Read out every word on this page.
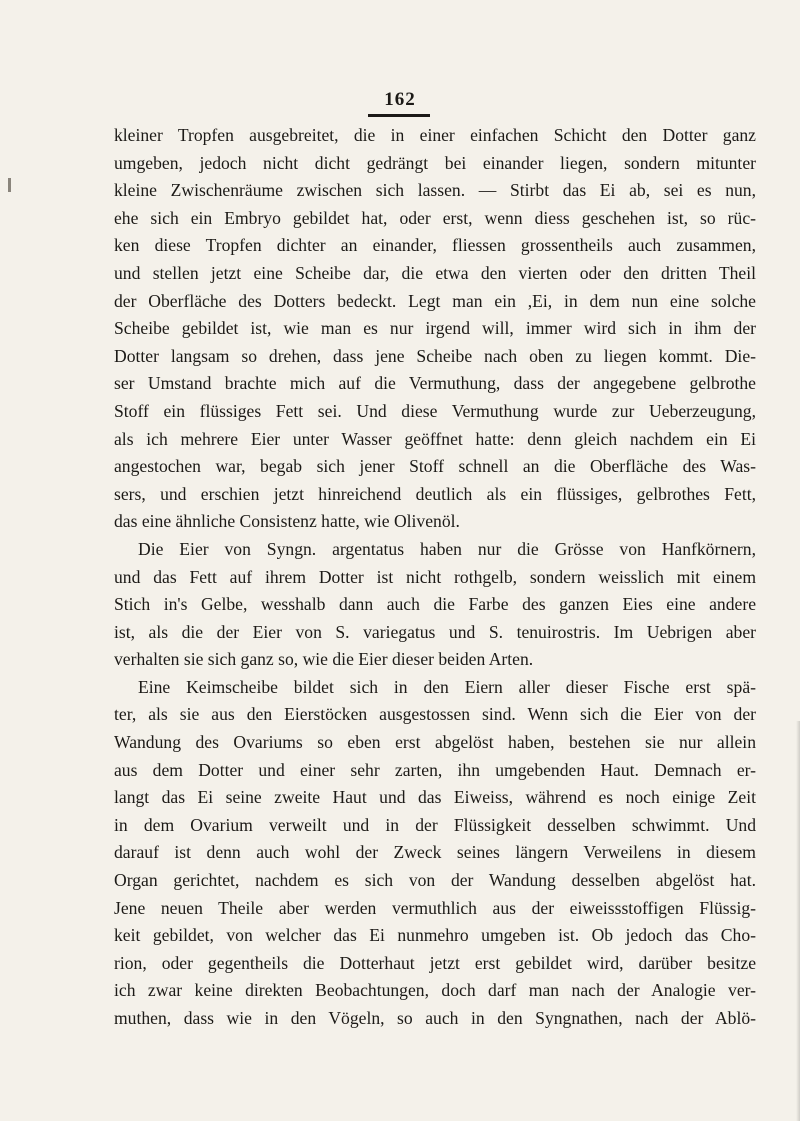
162
kleiner Tropfen ausgebreitet, die in einer einfachen Schicht den Dotter ganz
umgeben, jedoch nicht dicht gedrängt bei einander liegen, sondern mitunter
kleine Zwischenräume zwischen sich lassen. — Stirbt das Ei ab, sei es nun,
ehe sich ein Embryo gebildet hat, oder erst, wenn diess geschehen ist, so rüc-
ken diese Tropfen dichter an einander, fliessen grossentheils auch zusammen,
und stellen jetzt eine Scheibe dar, die etwa den vierten oder den dritten Theil
der Oberfläche des Dotters bedeckt. Legt man ein ,Ei, in dem nun eine solche
Scheibe gebildet ist, wie man es nur irgend will, immer wird sich in ihm der
Dotter langsam so drehen, dass jene Scheibe nach oben zu liegen kommt. Die-
ser Umstand brachte mich auf die Vermuthung, dass der angegebene gelbrothe
Stoff ein flüssiges Fett sei. Und diese Vermuthung wurde zur Ueberzeugung,
als ich mehrere Eier unter Wasser geöffnet hatte: denn gleich nachdem ein Ei
angestochen war, begab sich jener Stoff schnell an die Oberfläche des Was-
sers, und erschien jetzt hinreichend deutlich als ein flüssiges, gelbrothes Fett,
das eine ähnliche Consistenz hatte, wie Olivenöl.
Die Eier von Syngn. argentatus haben nur die Grösse von Hanfkörnern,
und das Fett auf ihrem Dotter ist nicht rothgelb, sondern weisslich mit einem
Stich in's Gelbe, wesshalb dann auch die Farbe des ganzen Eies eine andere
ist, als die der Eier von S. variegatus und S. tenuirostris. Im Uebrigen aber
verhalten sie sich ganz so, wie die Eier dieser beiden Arten.
Eine Keimscheibe bildet sich in den Eiern aller dieser Fische erst spä-
ter, als sie aus den Eierstöcken ausgestossen sind. Wenn sich die Eier von der
Wandung des Ovariums so eben erst abgelöst haben, bestehen sie nur allein
aus dem Dotter und einer sehr zarten, ihn umgebenden Haut. Demnach er-
langt das Ei seine zweite Haut und das Eiweiss, während es noch einige Zeit
in dem Ovarium verweilt und in der Flüssigkeit desselben schwimmt. Und
darauf ist denn auch wohl der Zweck seines längern Verweilens in diesem
Organ gerichtet, nachdem es sich von der Wandung desselben abgelöst hat.
Jene neuen Theile aber werden vermuthlich aus der eiweissstoffigen Flüssig-
keit gebildet, von welcher das Ei nunmehro umgeben ist. Ob jedoch das Cho-
rion, oder gegentheils die Dotterhaut jetzt erst gebildet wird, darüber besitze
ich zwar keine direkten Beobachtungen, doch darf man nach der Analogie ver-
muthen, dass wie in den Vögeln, so auch in den Syngnathen, nach der Ablö-
